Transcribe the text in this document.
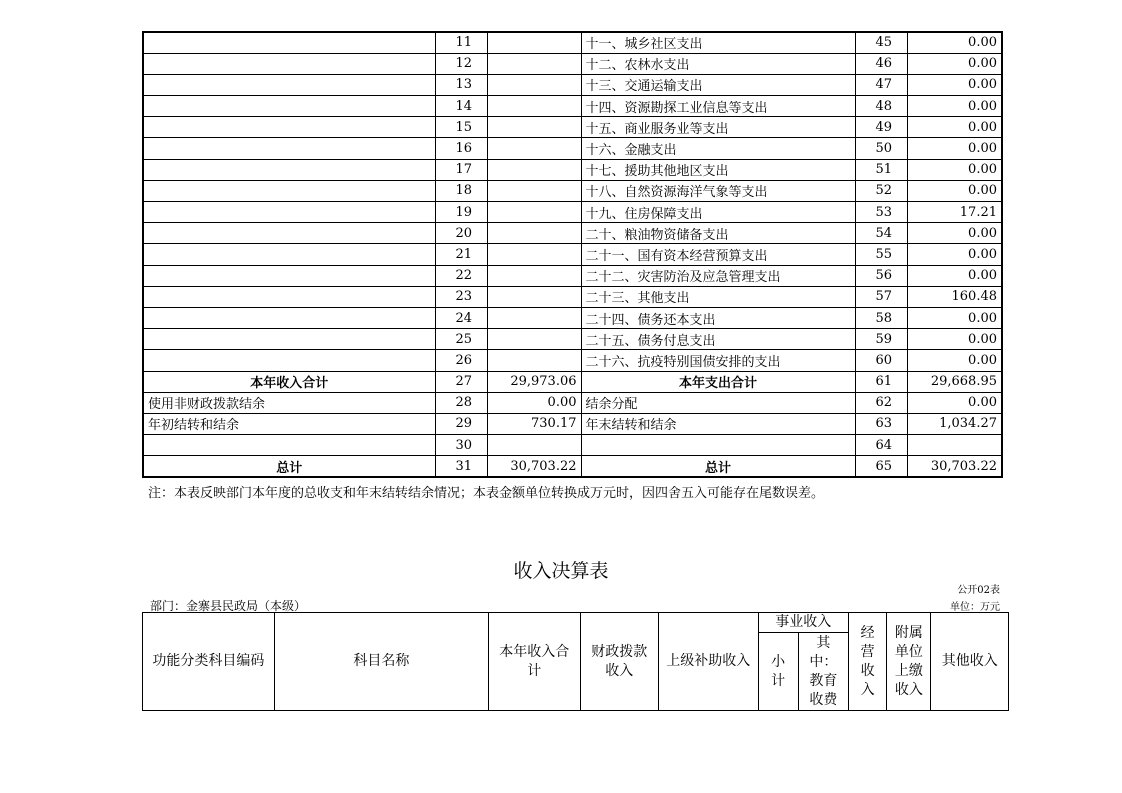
	11		十一、城乡社区支出	45	0.00
	12		十二、农林水支出	46	0.00
	13		十三、交通运输支出	47	0.00
	14		十四、资源勘探工业信息等支出	48	0.00
	15		十五、商业服务业等支出	49	0.00
	16		十六、金融支出	50	0.00
	17		十七、援助其他地区支出	51	0.00
	18		十八、自然资源海洋气象等支出	52	0.00
	19		十九、住房保障支出	53	17.21
	20		二十、粮油物资储备支出	54	0.00
	21		二十一、国有资本经营预算支出	55	0.00
	22		二十二、灾害防治及应急管理支出	56	0.00
	23		二十三、其他支出	57	160.48
	24		二十四、债务还本支出	58	0.00
	25		二十五、债务付息支出	59	0.00
	26		二十六、抗疫特别国债安排的支出	60	0.00
本年收入合计	27	29,973.06	本年支出合计	61	29,668.95
使用非财政拨款结余	28	0.00	结余分配	62	0.00
年初结转和结余	29	730.17	年末结转和结余	63	1,034.27
	30			64	
总计	31	30,703.22	总计	65	30,703.22
注：本表反映部门本年度的总收支和年末结转结余情况；本表金额单位转换成万元时，因四舍五入可能存在尾数误差。
收入决算表
公开02表
部门：金寨县民政局（本级）	单位：万元
功能分类科目编码	科目名称	本年收入合计	财政拨款收入	上级补助收入	事业收入		经营收入	附属单位上缴收入	其他收入
					小计	其中：教育收费			
